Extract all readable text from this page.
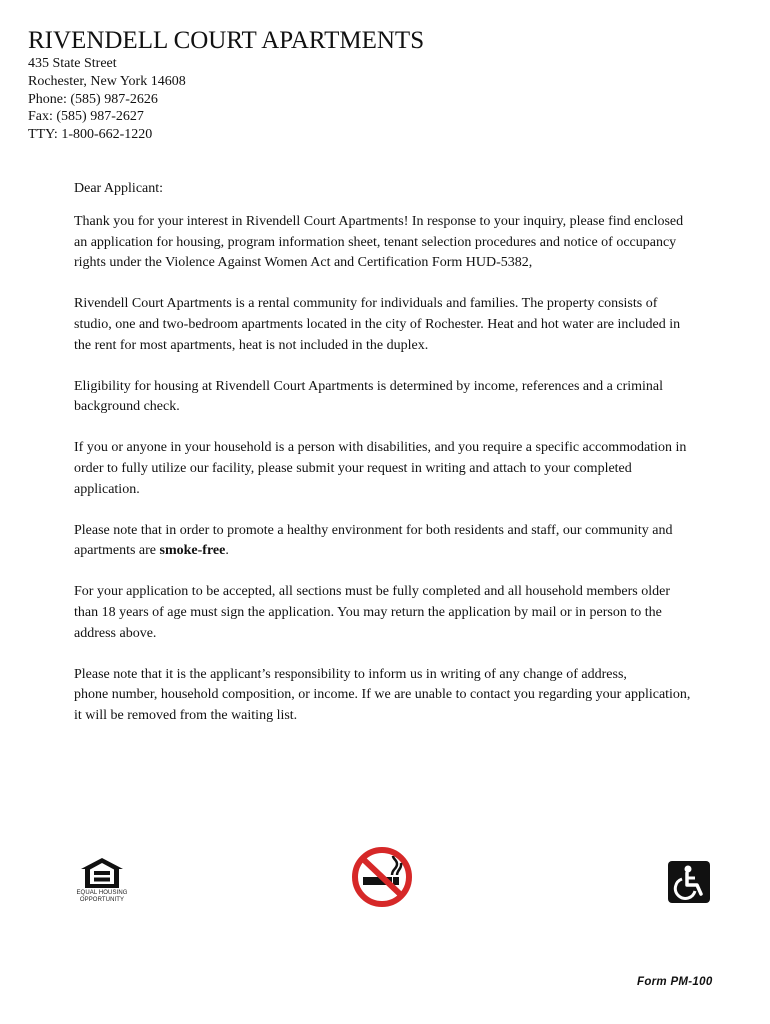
RIVENDELL COURT APARTMENTS
435 State Street
Rochester, New York 14608
Phone: (585) 987-2626
Fax: (585) 987-2627
TTY: 1-800-662-1220
Dear Applicant:
Thank you for your interest in Rivendell Court Apartments! In response to your inquiry, please find enclosed
an application for housing, program information sheet, tenant selection procedures and notice of occupancy
rights under the Violence Against Women Act and Certification Form HUD-5382,
Rivendell Court Apartments is a rental community for individuals and families. The property consists of
studio, one and two-bedroom apartments located in the city of Rochester. Heat and hot water are included in
the rent for most apartments, heat is not included in the duplex.
Eligibility for housing at Rivendell Court Apartments is determined by income, references and a criminal
background check.
If you or anyone in your household is a person with disabilities, and you require a specific accommodation in
order to fully utilize our facility, please submit your request in writing and attach to your completed
application.
Please note that in order to promote a healthy environment for both residents and staff, our community and
apartments are smoke-free.
For your application to be accepted, all sections must be fully completed and all household members older
than 18 years of age must sign the application. You may return the application by mail or in person to the
address above.
Please note that it is the applicant’s responsibility to inform us in writing of any change of address,
phone number, household composition, or income. If we are unable to contact you regarding your application,
it will be removed from the waiting list.
EQUAL HOUSING
OPPORTUNITY
Form PM-100
